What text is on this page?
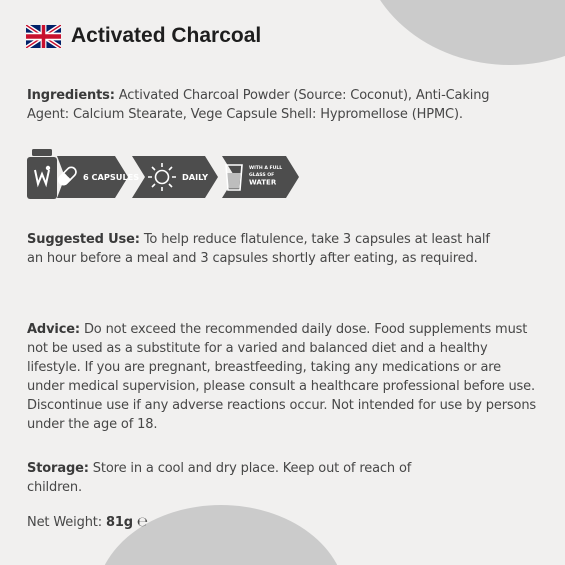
Activated Charcoal

Ingredients: Activated Charcoal Powder (Source: Coconut), Anti-Caking Agent: Calcium Stearate, Vege Capsule Shell: Hypromellose (HPMC).

6 CAPSULES	DAILY
WITH A FULL
GLASS OF
WATER

Suggested Use: To help reduce flatulence, take 3 capsules at least half an hour before a meal and 3 capsules shortly after eating, as required.

Advice: Do not exceed the recommended daily dose. Food supplements must not be used as a substitute for a varied and balanced diet and a healthy lifestyle. If you are pregnant, breastfeeding, taking any medications or are under medical supervision, please consult a healthcare professional before use. Discontinue use if any adverse reactions occur. Not intended for use by persons under the age of 18.

Storage: Store in a cool and dry place. Keep out of reach of children.

Net Weight: 81g ℮
